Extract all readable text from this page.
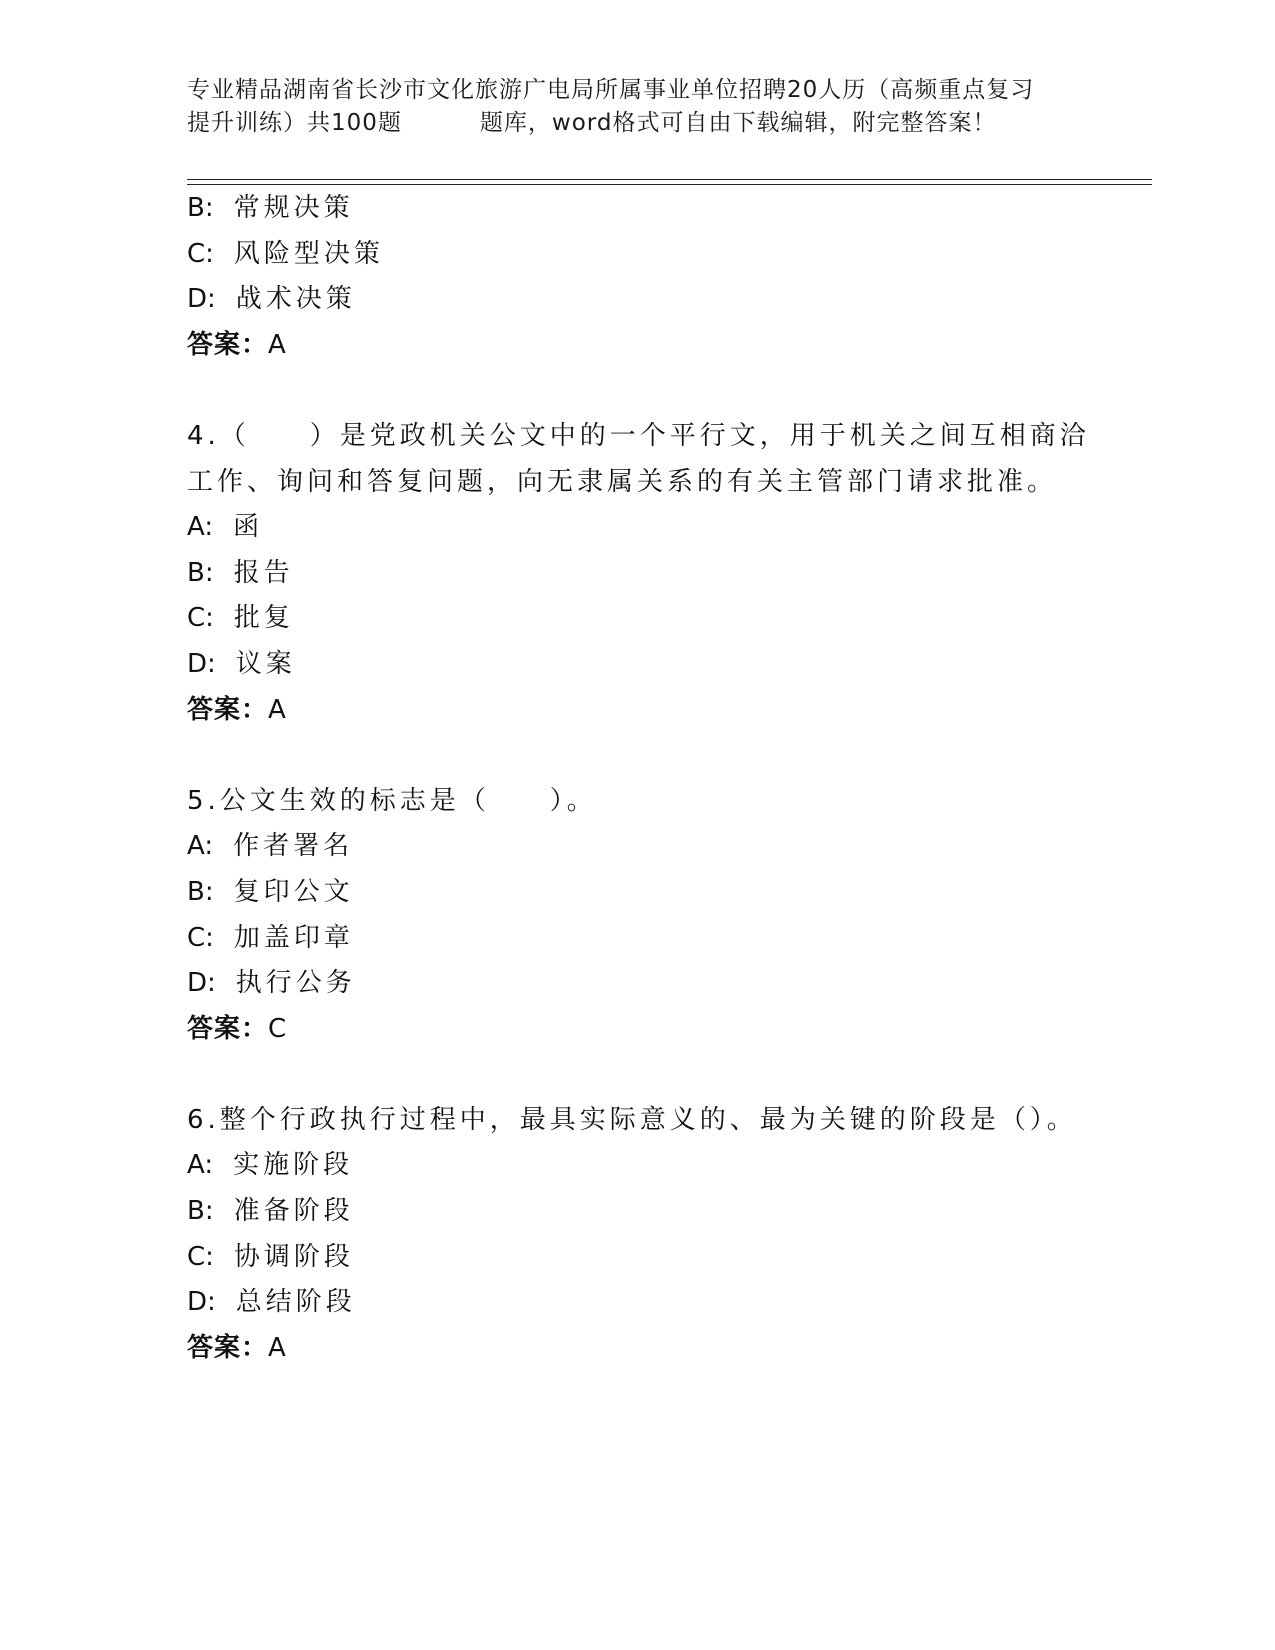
专业精品湖南省长沙市文化旅游广电局所属事业单位招聘20人历（高频重点复习
提升训练）共100题	题库，word格式可自由下载编辑，附完整答案！
B: 常规决策
C: 风险型决策
D: 战术决策
答案：A
4.（　　）是党政机关公文中的一个平行文，用于机关之间互相商洽
工作、询问和答复问题，向无隶属关系的有关主管部门请求批准。
A: 函
B: 报告
C: 批复
D: 议案
答案：A
5.公文生效的标志是（　　）。
A: 作者署名
B: 复印公文
C: 加盖印章
D: 执行公务
答案：C
6.整个行政执行过程中，最具实际意义的、最为关键的阶段是（）。
A: 实施阶段
B: 准备阶段
C: 协调阶段
D: 总结阶段
答案：A
